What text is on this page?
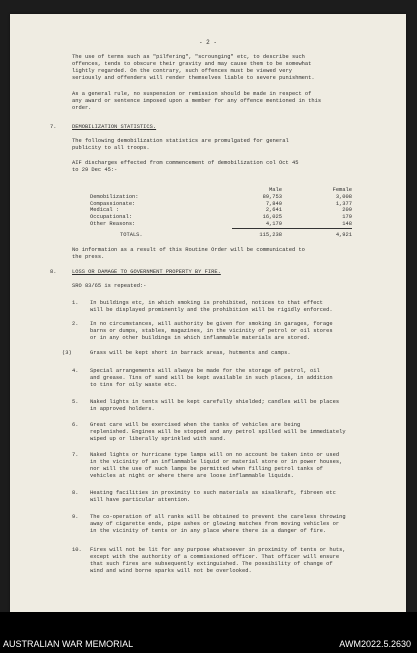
- 2 -
The use of terms such as "pilfering", "scrounging" etc, to describe such
offences, tends to obscure their gravity and may cause them to be somewhat
lightly regarded. On the contrary, such offences must be viewed very
seriously and offenders will render themselves liable to severe punishment.
As a general rule, no suspension or remission should be made in respect of
any award or sentence imposed upon a member for any offence mentioned in this
order.
7.	DEMOBILIZATION STATISTICS.
The following demobilization statistics are promulgated for general
publicity to all troops.
AIF discharges effected from commencement of demobilization col Oct 45
to 29 Dec 45:-
	Male	Female
Demobilization:	89,753	3,008
Compassionate:	7,840	1,377
Medical :	2,641	209
Occupational:	16,025	179
Other Reasons:	4,179	148
TOTALS.	115,238	4,921
No information as a result of this Routine Order will be communicated to
the press.
8.	LOSS OR DAMAGE TO GOVERNMENT PROPERTY BY FIRE.
SRO 83/65 is repeated:-
1. In buildings etc, in which smoking is prohibited, notices to that effect
will be displayed prominently and the prohibition will be rigidly enforced.
2. In no circumstances, will authority be given for smoking in garages, forage
barns or dumps, stables, magazines, in the vicinity of petrol or oil stores
or in any other buildings in which inflammable materials are stored.
(3)	Grass will be kept short in barrack areas, hutments and camps.
4. Special arrangements will always be made for the storage of petrol, oil
and grease. Tins of sand will be kept available in such places, in addition
to tins for oily waste etc.
5. Naked lights in tents will be kept carefully shielded; candles will be places
in approved holders.
6. Great care will be exercised when the tanks of vehicles are being
replenished. Engines will be stopped and any petrol spilled will be immediately
wiped up or liberally sprinkled with sand.
7. Naked lights or hurricane type lamps will on no account be taken into or used
in the vicinity of an inflammable liquid or material store or in power houses,
nor will the use of such lamps be permitted when filling petrol tanks of
vehicles at night or where there are loose inflammable liquids.
8. Heating facilities in proximity to such materials as sisalkraft, fibreen etc
will have particular attention.
9. The co-operation of all ranks will be obtained to prevent the careless throwing
away of cigarette ends, pipe ashes or glowing matches from moving vehicles or
in the vicinity of tents or in any place where there is a danger of fire.
10. Fires will not be lit for any purpose whatsoever in proximity of tents or huts,
except with the authority of a commissioned officer. That officer will ensure
that such fires are subsequently extinguished. The possibility of change of
wind and wind borne sparks will not be overlooked.
AUSTRALIAN WAR MEMORIAL	AWM2022.5.2630
